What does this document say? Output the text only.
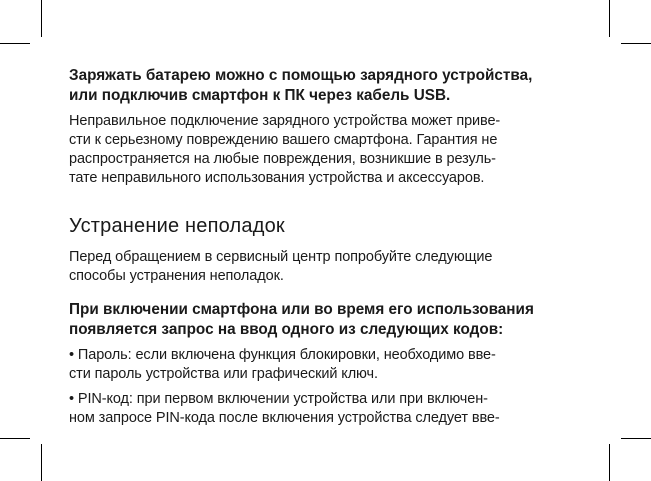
Заряжать батарею можно с помощью зарядного устройства,
или подключив смартфон к ПК через кабель USB.

Неправильное подключение зарядного устройства может приве-
сти к серьезному повреждению вашего смартфона. Гарантия не
распространяется на любые повреждения, возникшие в резуль-
тате неправильного использования устройства и аксессуаров.

Устранение неполадок

Перед обращением в сервисный центр попробуйте следующие
способы устранения неполадок.

При включении смартфона или во время его использования
появляется запрос на ввод одного из следующих кодов:

• Пароль: если включена функция блокировки, необходимо вве-
сти пароль устройства или графический ключ.

• PIN-код: при первом включении устройства или при включен-
ном запросе PIN-кода после включения устройства следует вве-
